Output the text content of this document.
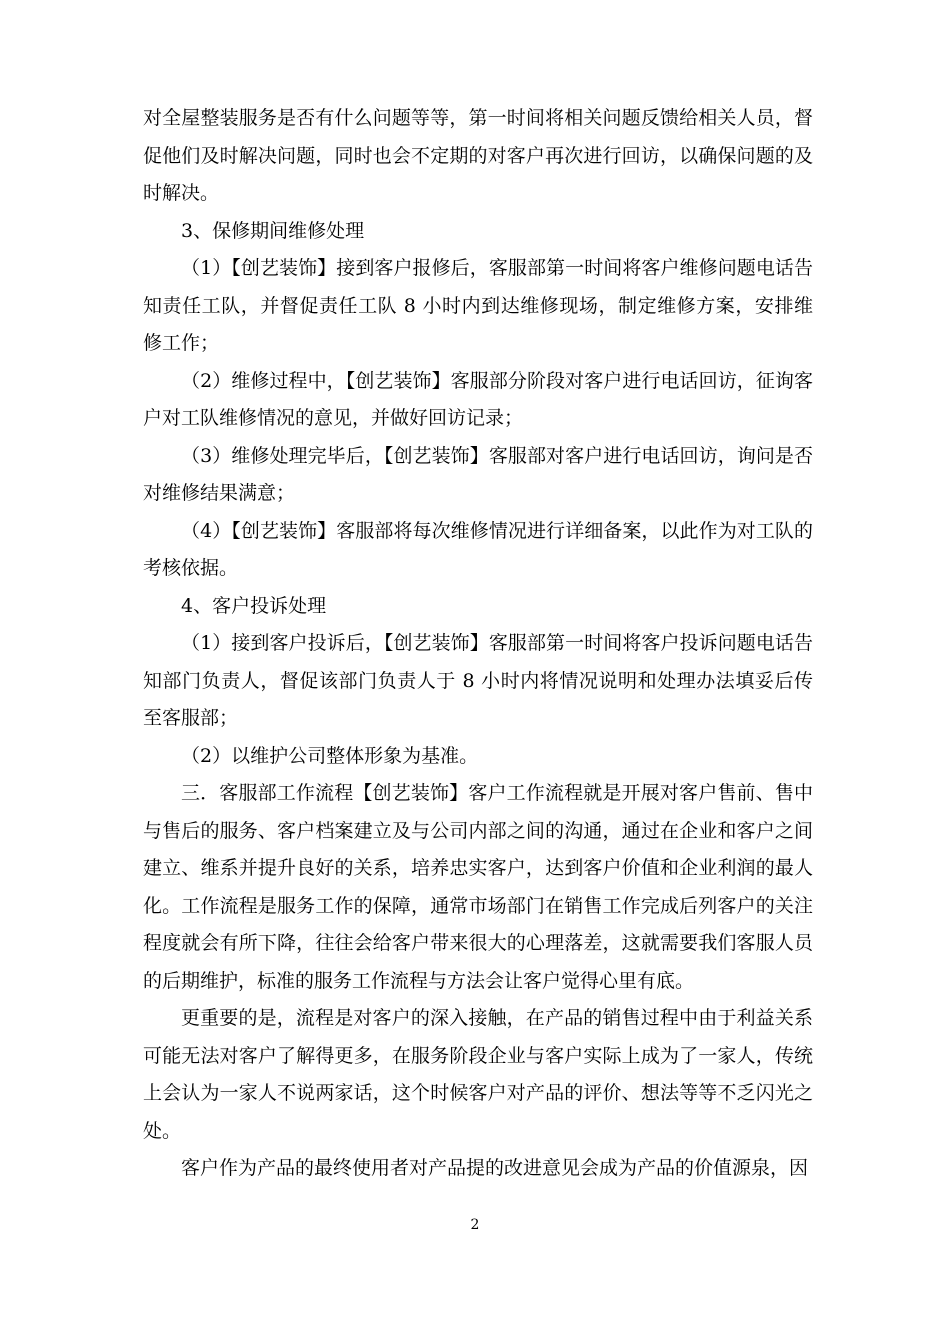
对全屋整装服务是否有什么问题等等，第一时间将相关问题反馈给相关人员，督促他们及时解决问题，同时也会不定期的对客户再次进行回访，以确保问题的及时解决。

3、保修期间维修处理

（1）【创艺装饰】接到客户报修后，客服部第一时间将客户维修问题电话告知责任工队，并督促责任工队 8 小时内到达维修现场，制定维修方案，安排维修工作；

（2）维修过程中，【创艺装饰】客服部分阶段对客户进行电话回访，征询客户对工队维修情况的意见，并做好回访记录；

（3）维修处理完毕后，【创艺装饰】客服部对客户进行电话回访，询问是否对维修结果满意；

（4）【创艺装饰】客服部将每次维修情况进行详细备案，以此作为对工队的考核依据。

4、客户投诉处理

（1）接到客户投诉后，【创艺装饰】客服部第一时间将客户投诉问题电话告知部门负责人，督促该部门负责人于 8 小时内将情况说明和处理办法填妥后传至客服部；

（2）以维护公司整体形象为基准。

三．客服部工作流程【创艺装饰】客户工作流程就是开展对客户售前、售中与售后的服务、客户档案建立及与公司内部之间的沟通，通过在企业和客户之间建立、维系并提升良好的关系，培养忠实客户，达到客户价值和企业利润的最人化。工作流程是服务工作的保障，通常市场部门在销售工作完成后列客户的关注程度就会有所下降，往往会给客户带来很大的心理落差，这就需要我们客服人员的后期维护，标准的服务工作流程与方法会让客户觉得心里有底。

更重要的是，流程是对客户的深入接触，在产品的销售过程中由于利益关系可能无法对客户了解得更多，在服务阶段企业与客户实际上成为了一家人，传统上会认为一家人不说两家话，这个时候客户对产品的评价、想法等等不乏闪光之处。

客户作为产品的最终使用者对产品提的改进意见会成为产品的价值源泉，因

2
